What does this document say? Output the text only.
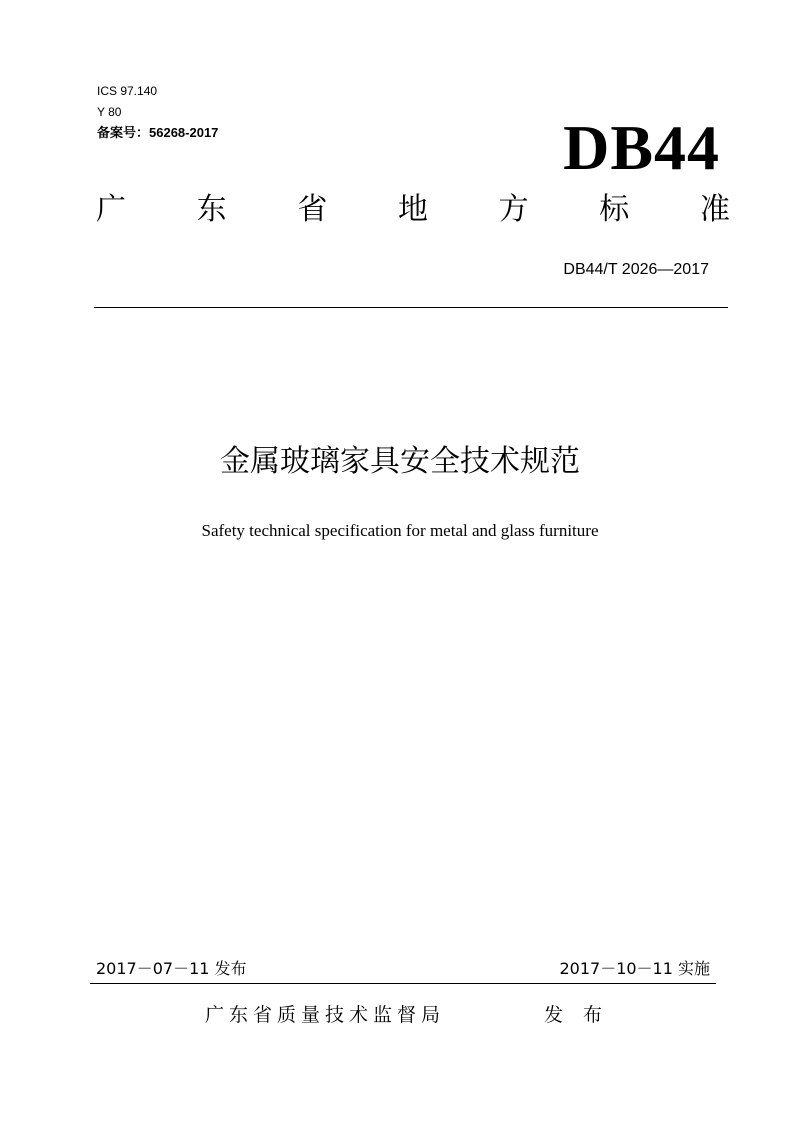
ICS 97.140
Y 80
备案号：56268-2017	DB44
广 东 省 地 方 标 准
DB44/T 2026—2017
金属玻璃家具安全技术规范
Safety technical specification for metal and glass furniture
2017－07－11 发布	2017－10－11 实施
广东省质量技术监督局	发 布
